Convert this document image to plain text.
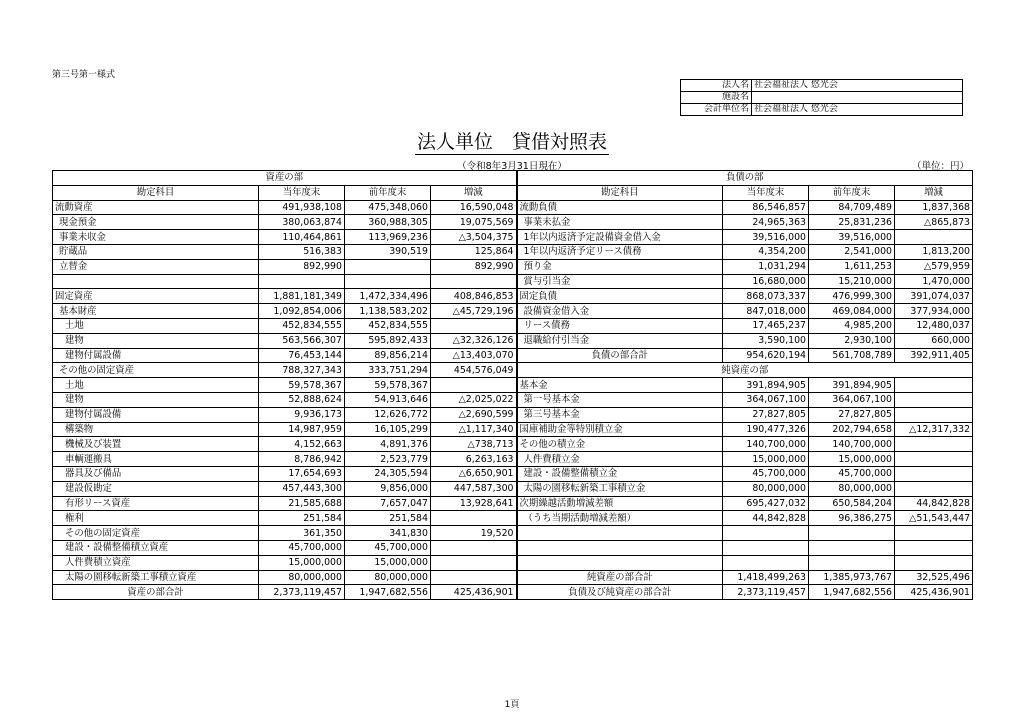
第三号第一様式
法人名	社会福祉法人 悠光会
施設名	
会計単位名	社会福祉法人 悠光会
法人単位　貸借対照表
（令和8年3月31日現在）	（単位：円）
資産の部				負債の部			
勘定科目	当年度末	前年度末	増減	勘定科目	当年度末	前年度末	増減
流動資産	491,938,108	475,348,060	16,590,048	流動負債	86,546,857	84,709,489	1,837,368
現金預金	380,063,874	360,988,305	19,075,569	事業未払金	24,965,363	25,831,236	△865,873
事業未収金	110,464,861	113,969,236	△3,504,375	1年以内返済予定設備資金借入金	39,516,000	39,516,000	
貯蔵品	516,383	390,519	125,864	1年以内返済予定リース債務	4,354,200	2,541,000	1,813,200
立替金	892,990		892,990	預り金	1,031,294	1,611,253	△579,959
				賞与引当金	16,680,000	15,210,000	1,470,000
固定資産	1,881,181,349	1,472,334,496	408,846,853	固定負債	868,073,337	476,999,300	391,074,037
基本財産	1,092,854,006	1,138,583,202	△45,729,196	設備資金借入金	847,018,000	469,084,000	377,934,000
土地	452,834,555	452,834,555		リース債務	17,465,237	4,985,200	12,480,037
建物	563,566,307	595,892,433	△32,326,126	退職給付引当金	3,590,100	2,930,100	660,000
建物付属設備	76,453,144	89,856,214	△13,403,070	負債の部合計	954,620,194	561,708,789	392,911,405
その他の固定資産	788,327,343	333,751,294	454,576,049	純資産の部			
土地	59,578,367	59,578,367		基本金	391,894,905	391,894,905	
建物	52,888,624	54,913,646	△2,025,022	第一号基本金	364,067,100	364,067,100	
建物付属設備	9,936,173	12,626,772	△2,690,599	第三号基本金	27,827,805	27,827,805	
構築物	14,987,959	16,105,299	△1,117,340	国庫補助金等特別積立金	190,477,326	202,794,658	△12,317,332
機械及び装置	4,152,663	4,891,376	△738,713	その他の積立金	140,700,000	140,700,000	
車輌運搬具	8,786,942	2,523,779	6,263,163	人件費積立金	15,000,000	15,000,000	
器具及び備品	17,654,693	24,305,594	△6,650,901	建設・設備整備積立金	45,700,000	45,700,000	
建設仮勘定	457,443,300	9,856,000	447,587,300	太陽の園移転新築工事積立金	80,000,000	80,000,000	
有形リース資産	21,585,688	7,657,047	13,928,641	次期繰越活動増減差額	695,427,032	650,584,204	44,842,828
権利	251,584	251,584		（うち当期活動増減差額）	44,842,828	96,386,275	△51,543,447
その他の固定資産	361,350	341,830	19,520				
建設・設備整備積立資産	45,700,000	45,700,000					
人件費積立資産	15,000,000	15,000,000					
太陽の園移転新築工事積立資産	80,000,000	80,000,000		純資産の部合計	1,418,499,263	1,385,973,767	32,525,496
資産の部合計	2,373,119,457	1,947,682,556	425,436,901	負債及び純資産の部合計	2,373,119,457	1,947,682,556	425,436,901
1頁
